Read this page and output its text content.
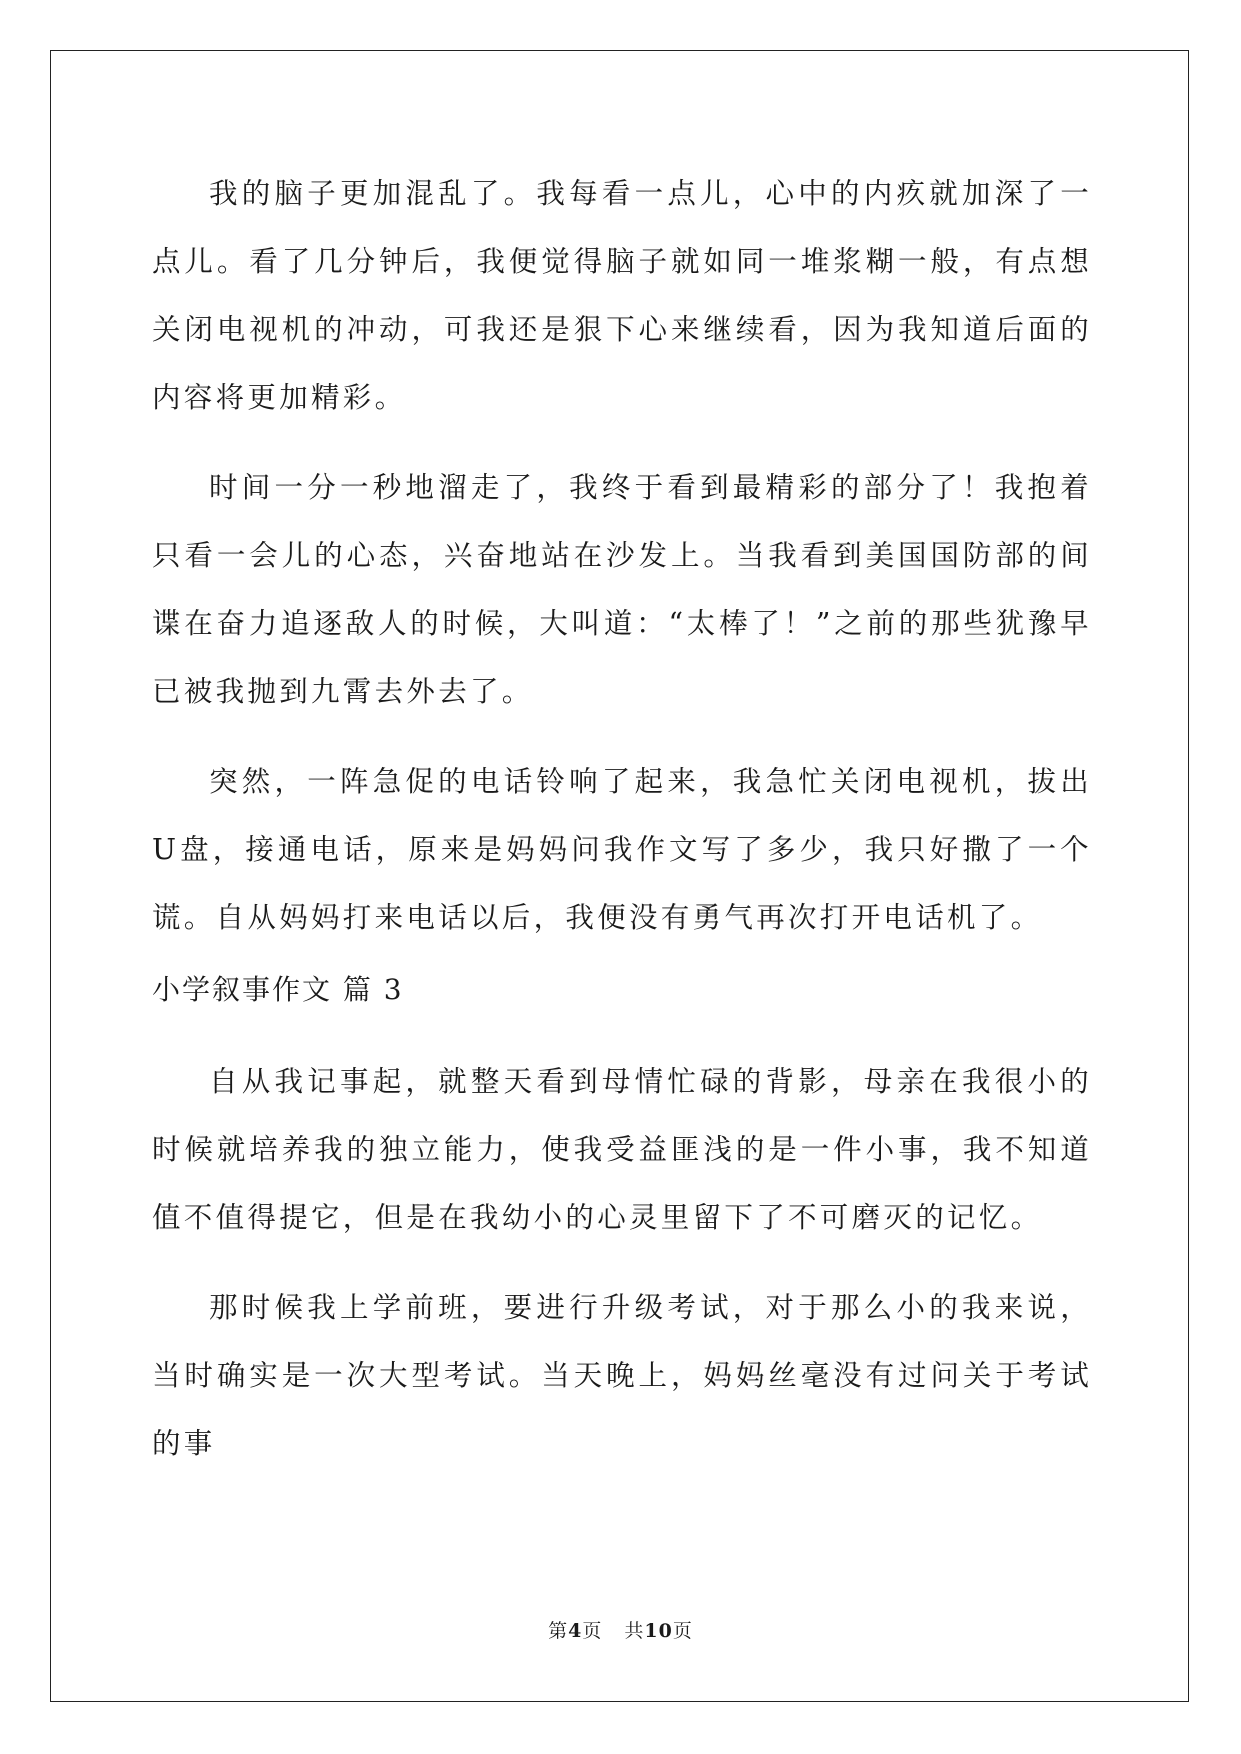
我的脑子更加混乱了。我每看一点儿，心中的内疚就加深了一点儿。看了几分钟后，我便觉得脑子就如同一堆浆糊一般，有点想关闭电视机的冲动，可我还是狠下心来继续看，因为我知道后面的内容将更加精彩。

时间一分一秒地溜走了，我终于看到最精彩的部分了！我抱着只看一会儿的心态，兴奋地站在沙发上。当我看到美国国防部的间谍在奋力追逐敌人的时候，大叫道：“太棒了！”之前的那些犹豫早已被我抛到九霄去外去了。

突然，一阵急促的电话铃响了起来，我急忙关闭电视机，拔出U盘，接通电话，原来是妈妈问我作文写了多少，我只好撒了一个谎。自从妈妈打来电话以后，我便没有勇气再次打开电话机了。

小学叙事作文 篇 3

自从我记事起，就整天看到母情忙碌的背影，母亲在我很小的时候就培养我的独立能力，使我受益匪浅的是一件小事，我不知道值不值得提它，但是在我幼小的心灵里留下了不可磨灭的记忆。

那时候我上学前班，要进行升级考试，对于那么小的我来说，当时确实是一次大型考试。当天晚上，妈妈丝毫没有过问关于考试的事

第4页 共10页
